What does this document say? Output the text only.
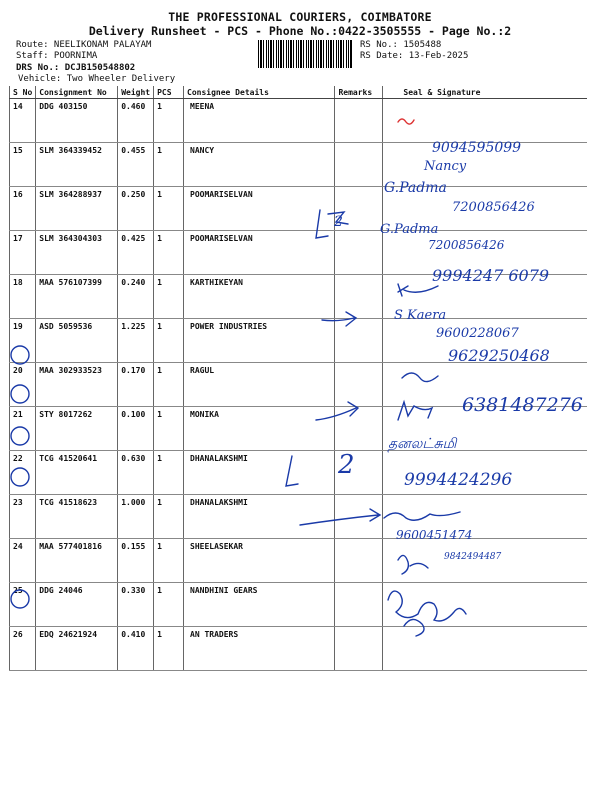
THE PROFESSIONAL COURIERS, COIMBATORE
Delivery Runsheet - PCS - Phone No.:0422-3505555 - Page No.:2
Route: NEELIKONAM PALAYAM
Staff: POORNIMA
DRS No.: DCJB150548802
Vehicle: Two Wheeler Delivery
RS No.: 1505488
RS Date: 13-Feb-2025
S No	Consignment No	Weight	PCS	Consignee Details	Remarks	Seal & Signature
14	DDG 403150	0.460	1	MEENA		
15	SLM 364339452	0.455	1	NANCY		
16	SLM 364288937	0.250	1	POOMARISELVAN		
17	SLM 364304303	0.425	1	POOMARISELVAN		
18	MAA 576107399	0.240	1	KARTHIKEYAN		
19	ASD 5059536	1.225	1	POWER INDUSTRIES		
20	MAA 302933523	0.170	1	RAGUL		
21	STY 8017262	0.100	1	MONIKA		
22	TCG 41520641	0.630	1	DHANALAKSHMI		
23	TCG 41518623	1.000	1	DHANALAKSHMI		
24	MAA 577401816	0.155	1	SHEELASEKAR		
25	DDG 24046	0.330	1	NANDHINI GEARS		
26	EDQ 24621924	0.410	1	AN TRADERS		
9094595099
Nancy
G.Padma
7200856426
G.Padma
7200856426
2
9994247 6079
S Kaera
9600228067
9629250468
6381487276
தனலட்சுமி
2	9994424296
9600451474
9842494487
